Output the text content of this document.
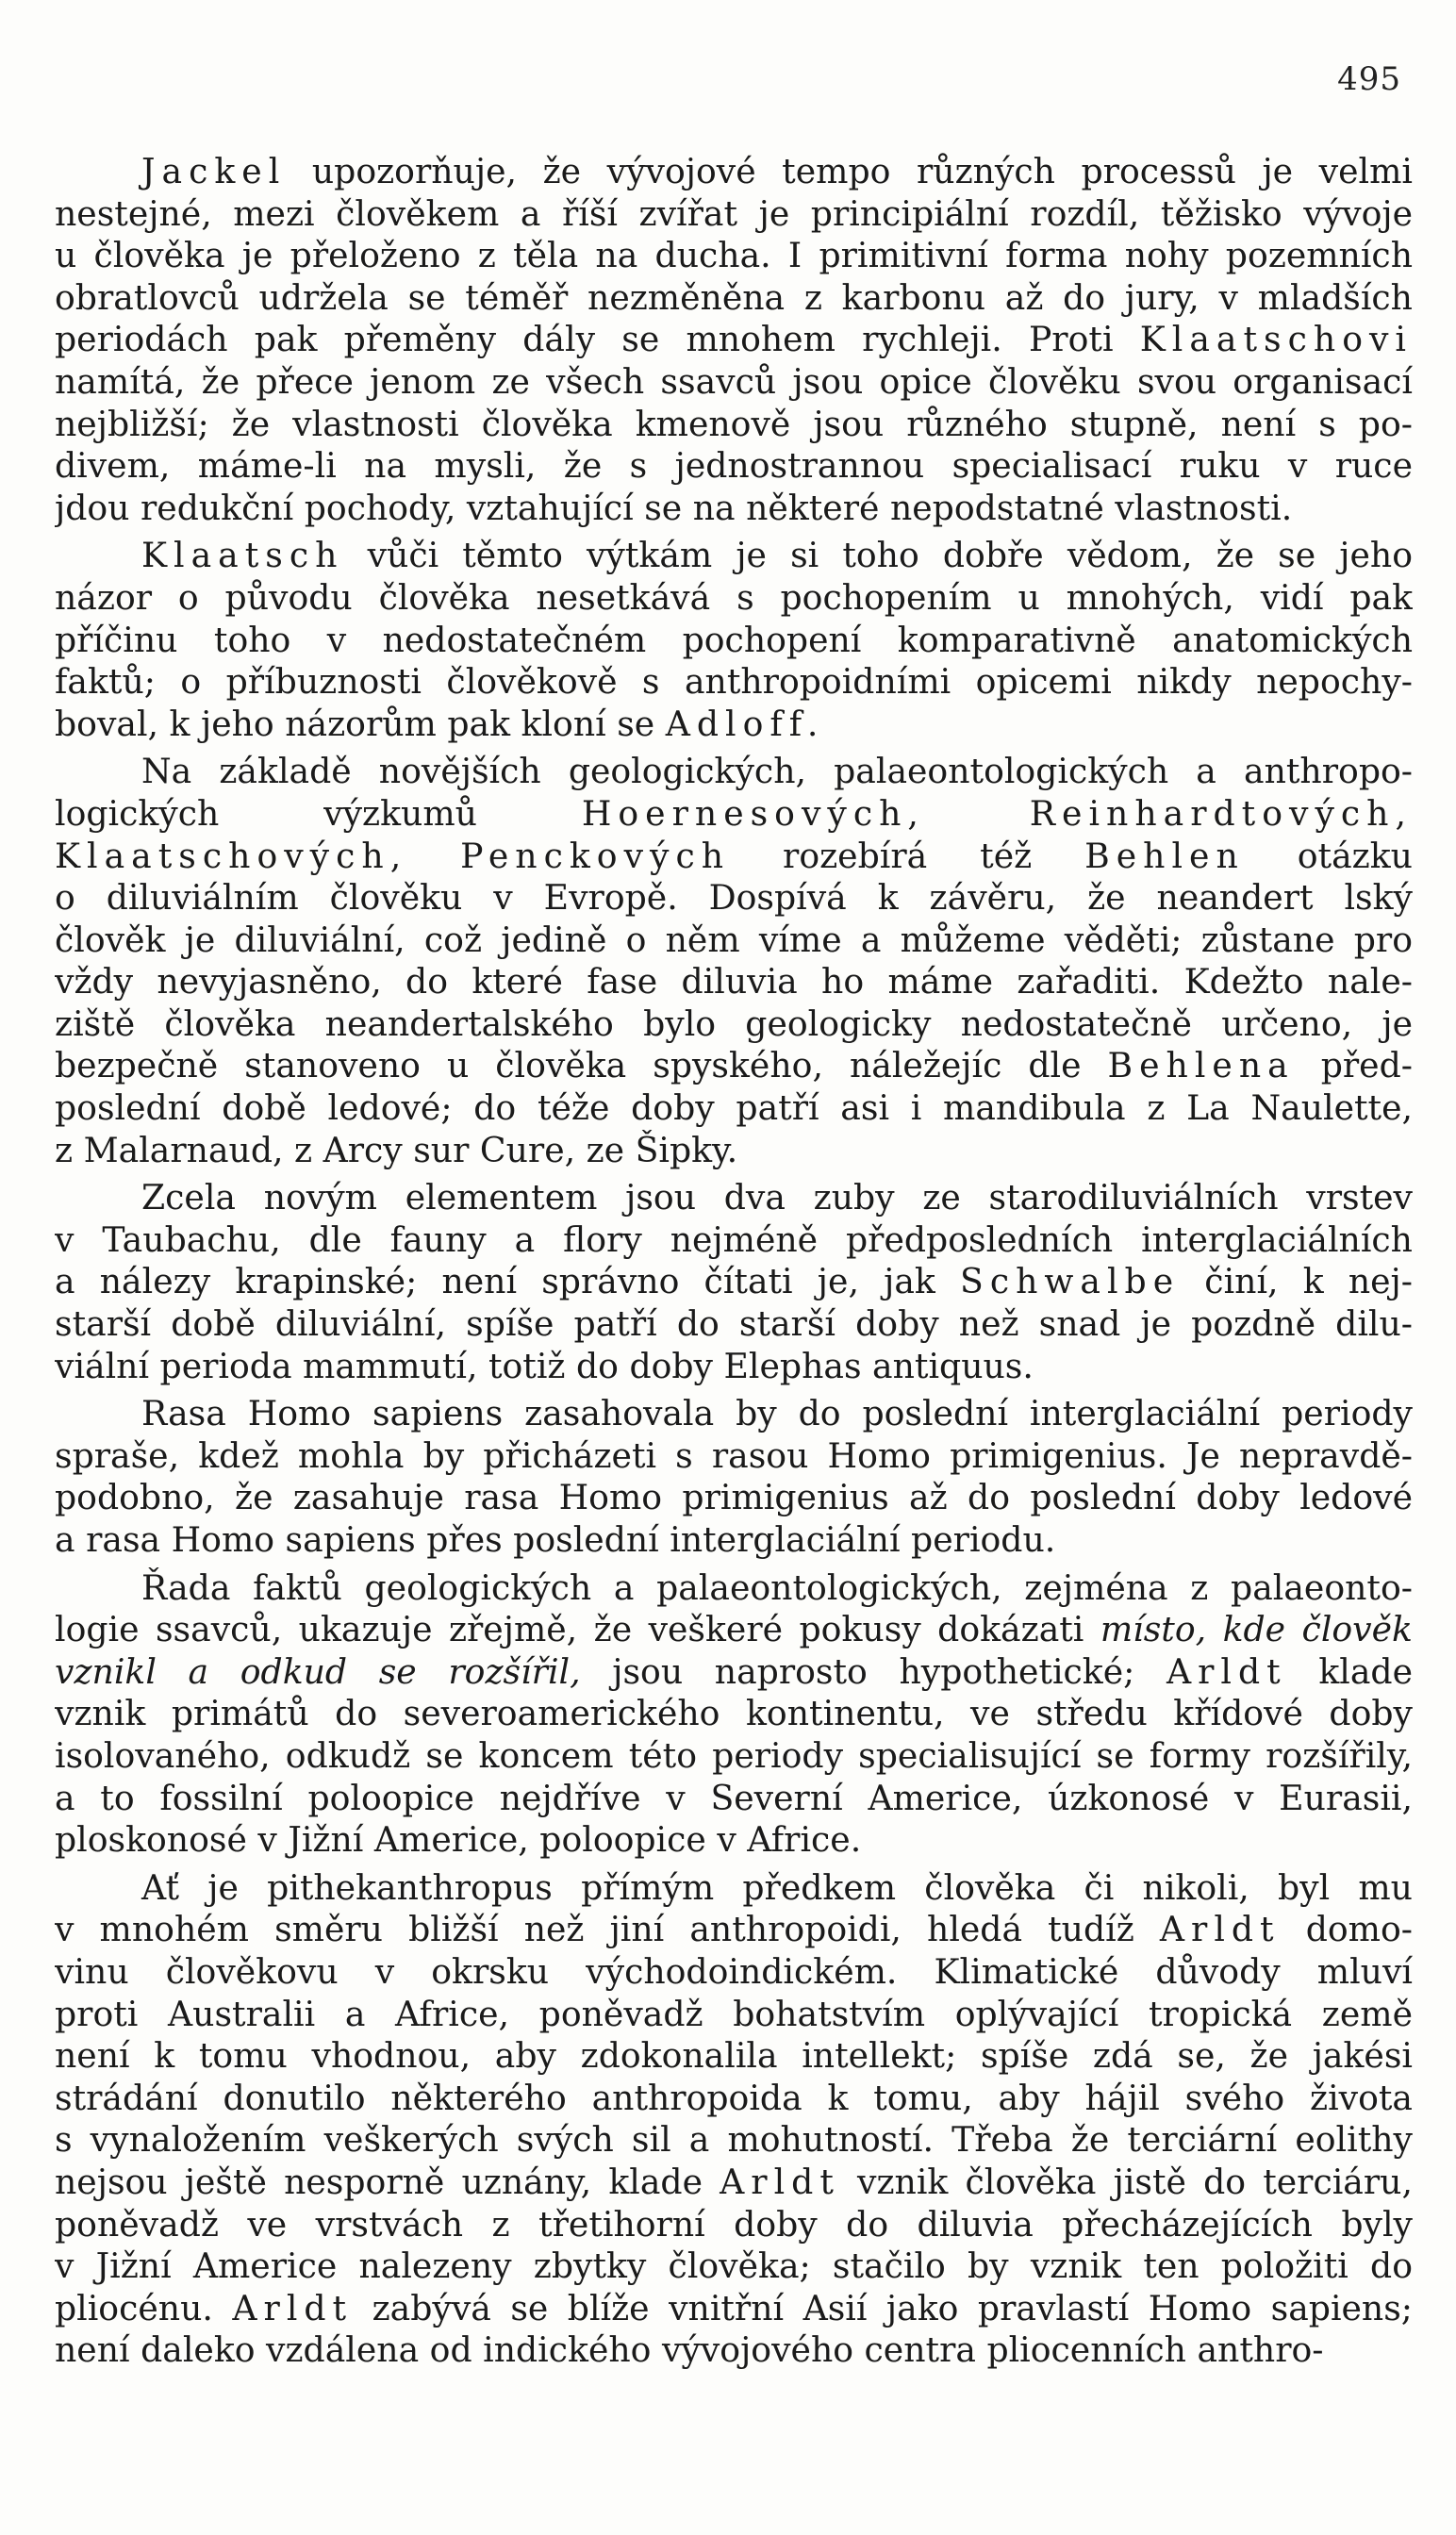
495

Jackel upozorňuje, že vývojové tempo různých processů je velmi
nestejné, mezi člověkem a říší zvířat je principiální rozdíl, těžisko vývoje
u člověka je přeloženo z těla na ducha. I primitivní forma nohy pozemních
obratlovců udržela se téměř nezměněna z karbonu až do jury, v mladších
periodách pak přeměny dály se mnohem rychleji. Proti Klaatschovi
namítá, že přece jenom ze všech ssavců jsou opice člověku svou organisací
nejbližší; že vlastnosti člověka kmenově jsou různého stupně, není s po-
divem, máme-li na mysli, že s jednostrannou specialisací ruku v ruce
jdou redukční pochody, vztahující se na některé nepodstatné vlastnosti.

Klaatsch vůči těmto výtkám je si toho dobře vědom, že se jeho
názor o původu člověka nesetkává s pochopením u mnohých, vidí pak
příčinu toho v nedostatečném pochopení komparativně anatomických
faktů; o příbuznosti člověkově s anthropoidními opicemi nikdy nepochy-
boval, k jeho názorům pak kloní se Adloff.

Na základě novějších geologických, palaeontologických a anthropo-
logických výzkumů Hoernesových,	Reinhardtových,
Klaatschových, Penckových rozebírá též Behlen otázku
o diluviálním člověku v Evropě. Dospívá k závěru, že neandert lský
člověk je diluviální, což jedině o něm víme a můžeme věděti; zůstane pro
vždy nevyjasněno, do které fase diluvia ho máme zařaditi. Kdežto nale-
ziště člověka neandertalského bylo geologicky nedostatečně určeno, je
bezpečně stanoveno u člověka spyského, náležejíc dle Behlena před-
poslední době ledové; do téže doby patří asi i mandibula z La Naulette,
z Malarnaud, z Arcy sur Cure, ze Šipky.

Zcela novým elementem jsou dva zuby ze starodiluviálních vrstev
v Taubachu, dle fauny a flory nejméně předposledních interglaciálních
a nálezy krapinské; není správno čítati je, jak Schwalbe činí, k nej-
starší době diluviální, spíše patří do starší doby než snad je pozdně dilu-
viální perioda mammutí, totiž do doby Elephas antiquus.

Rasa Homo sapiens zasahovala by do poslední interglaciální periody
spraše, kdež mohla by přicházeti s rasou Homo primigenius. Je nepravdě-
podobno, že zasahuje rasa Homo primigenius až do poslední doby ledové
a rasa Homo sapiens přes poslední interglaciální periodu.

Řada faktů geologických a palaeontologických, zejména z palaeonto-
logie ssavců, ukazuje zřejmě, že veškeré pokusy dokázati místo, kde člověk
vznikl a odkud se rozšířil, jsou naprosto hypothetické; Arldt klade
vznik primátů do severoamerického kontinentu, ve středu křídové doby
isolovaného, odkudž se koncem této periody specialisující se formy rozšířily,
a to fossilní poloopice nejdříve v Severní Americe, úzkonosé v Eurasii,
ploskonosé v Jižní Americe, poloopice v Africe.

Ať je pithekanthropus přímým předkem člověka či nikoli, byl mu
v mnohém směru bližší než jiní anthropoidi, hledá tudíž Arldt domo-
vinu člověkovu v okrsku východoindickém. Klimatické důvody mluví
proti Australii a Africe, poněvadž bohatstvím oplývající tropická země
není k tomu vhodnou, aby zdokonalila intellekt; spíše zdá se, že jakési
strádání donutilo některého anthropoida k tomu, aby hájil svého života
s vynaložením veškerých svých sil a mohutností. Třeba že terciární eolithy
nejsou ještě nesporně uznány, klade Arldt vznik člověka jistě do terciáru,
poněvadž ve vrstvách z třetihorní doby do diluvia přecházejících byly
v Jižní Americe nalezeny zbytky člověka; stačilo by vznik ten položiti do
pliocénu. Arldt zabývá se blíže vnitřní Asií jako pravlastí Homo sapiens;
není daleko vzdálena od indického vývojového centra pliocenních anthro-
